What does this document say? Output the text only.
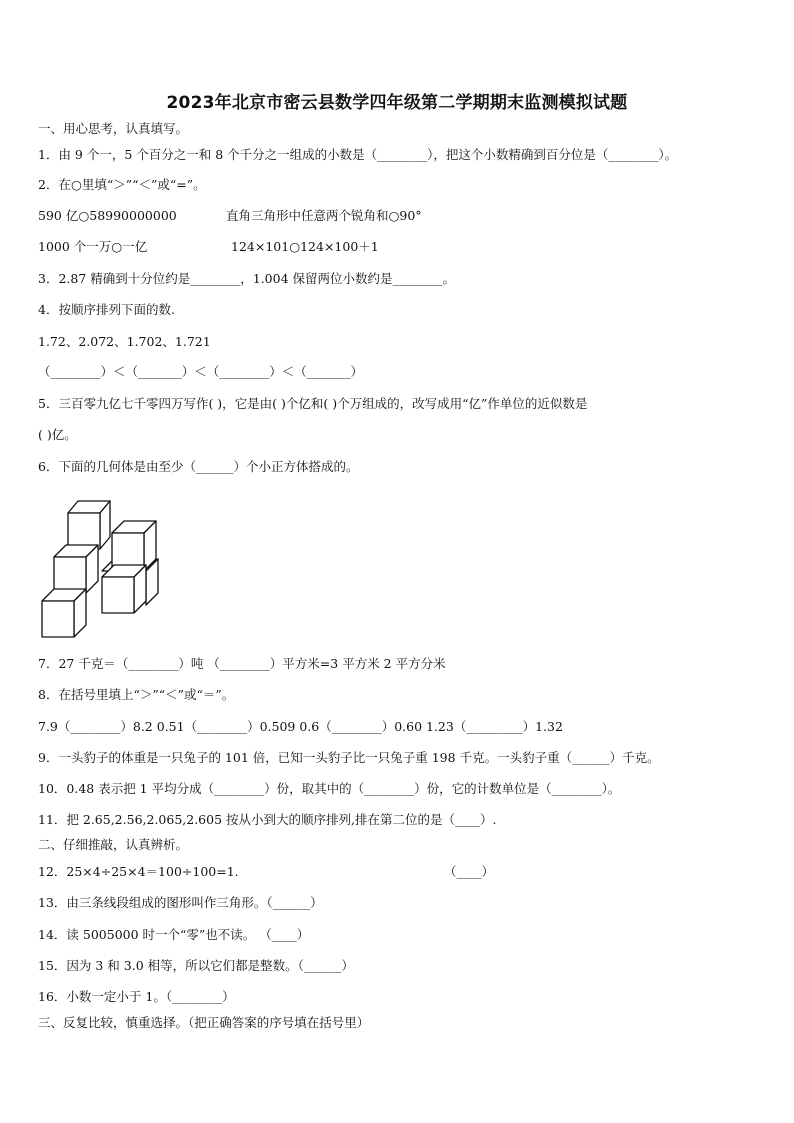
2023年北京市密云县数学四年级第二学期期末监测模拟试题
一、用心思考，认真填写。
1．由 9 个一，5 个百分之一和 8 个千分之一组成的小数是（________），把这个小数精确到百分位是（________）。
2．在○里填“＞”“＜”或“=”。
590 亿○58990000000	直角三角形中任意两个锐角和○90°
1000 个一万○一亿	124×101○124×100＋1
3．2.87 精确到十分位约是________，1.004 保留两位小数约是________。
4．按顺序排列下面的数.
1.72、2.072、1.702、1.721
（________）＜（_______）＜（________）＜（_______）
5．三百零九亿七千零四万写作( )，它是由( )个亿和( )个万组成的，改写成用“亿”作单位的近似数是
( )亿。
6．下面的几何体是由至少（______）个小正方体搭成的。
7．27 千克＝（________）吨 （________）平方米=3 平方米 2 平方分米
8．在括号里填上“＞”“＜”或“＝”。
7.9（________）8.2 0.51（________）0.509 0.6（________）0.60 1.23（_________）1.32
9．一头豹子的体重是一只兔子的 101 倍，已知一头豹子比一只兔子重 198 千克。一头豹子重（______）千克。
10．0.48 表示把 1 平均分成（________）份，取其中的（________）份，它的计数单位是（________）。
11．把 2.65,2.56,2.065,2.605 按从小到大的顺序排列,排在第二位的是（____）.
二、仔细推敲，认真辨析。
12．25×4÷25×4＝100÷100=1.	（____）
13．由三条线段组成的图形叫作三角形。（______）
14．读 5005000 时一个“零”也不读。 （____）
15．因为 3 和 3.0 相等，所以它们都是整数。（______）
16．小数一定小于 1。（________）
三、反复比较，慎重选择。（把正确答案的序号填在括号里）
